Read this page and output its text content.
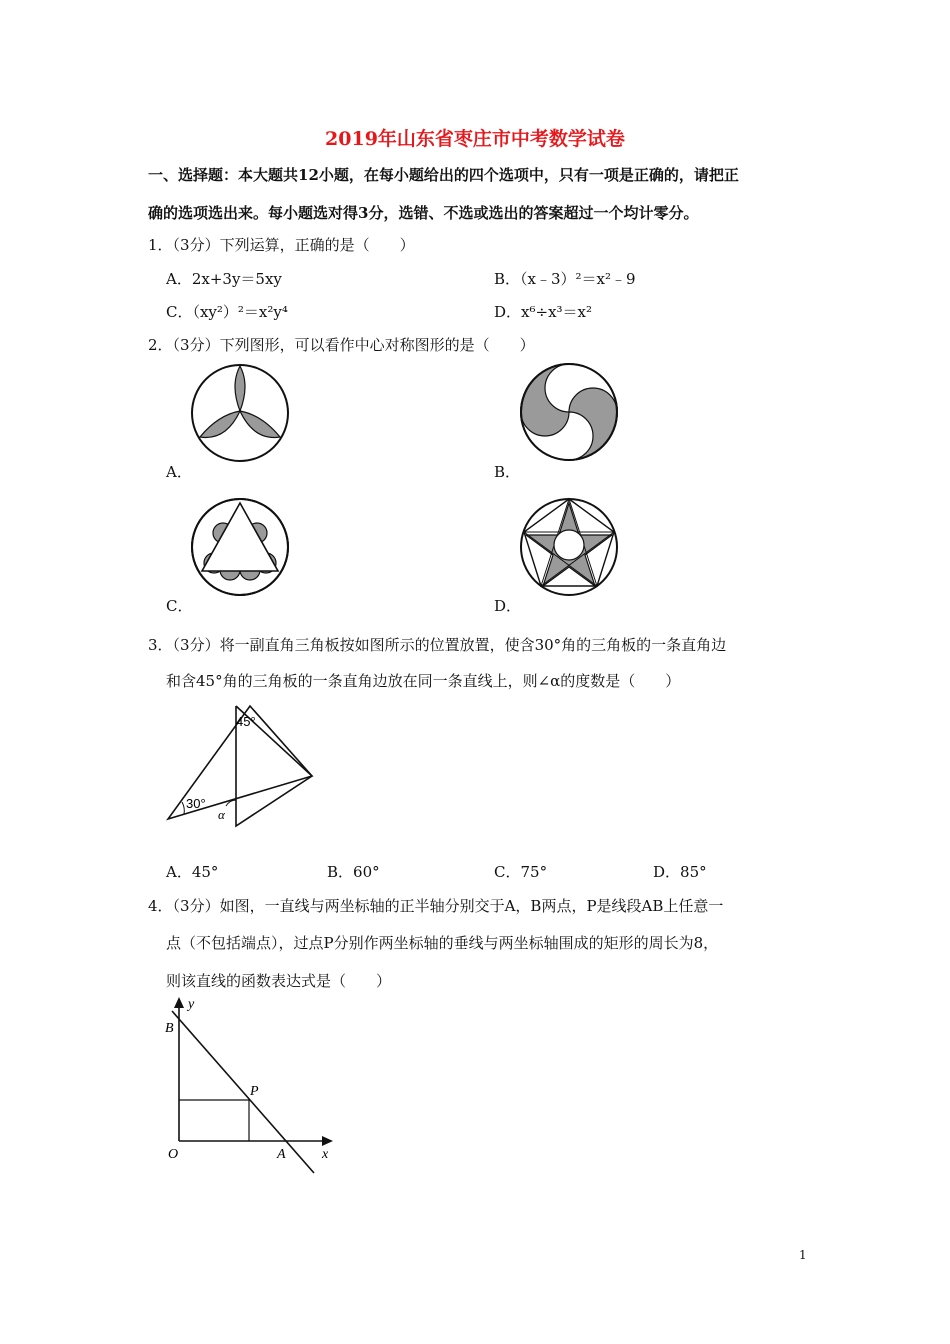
2019年山东省枣庄市中考数学试卷
一、选择题：本大题共12小题，在每小题给出的四个选项中，只有一项是正确的，请把正
确的选项选出来。每小题选对得3分，选错、不选或选出的答案超过一个均计零分。
1．（3分）下列运算，正确的是（　　）
A．2x+3y＝5xy	B．（x﹣3）²＝x²﹣9
C．（xy²）²＝x²y⁴	D．x⁶÷x³＝x²
2．（3分）下列图形，可以看作中心对称图形的是（　　）
A．	B．
C．	D．
3．（3分）将一副直角三角板按如图所示的位置放置，使含30°角的三角板的一条直角边
和含45°角的三角板的一条直角边放在同一条直线上，则∠α的度数是（　　）
45°
30°
α
A．45°	B．60°	C．75°	D．85°
4．（3分）如图，一直线与两坐标轴的正半轴分别交于A，B两点，P是线段AB上任意一
点（不包括端点），过点P分别作两坐标轴的垂线与两坐标轴围成的矩形的周长为8，
则该直线的函数表达式是（　　）
y
x
B
P
O	A
1
